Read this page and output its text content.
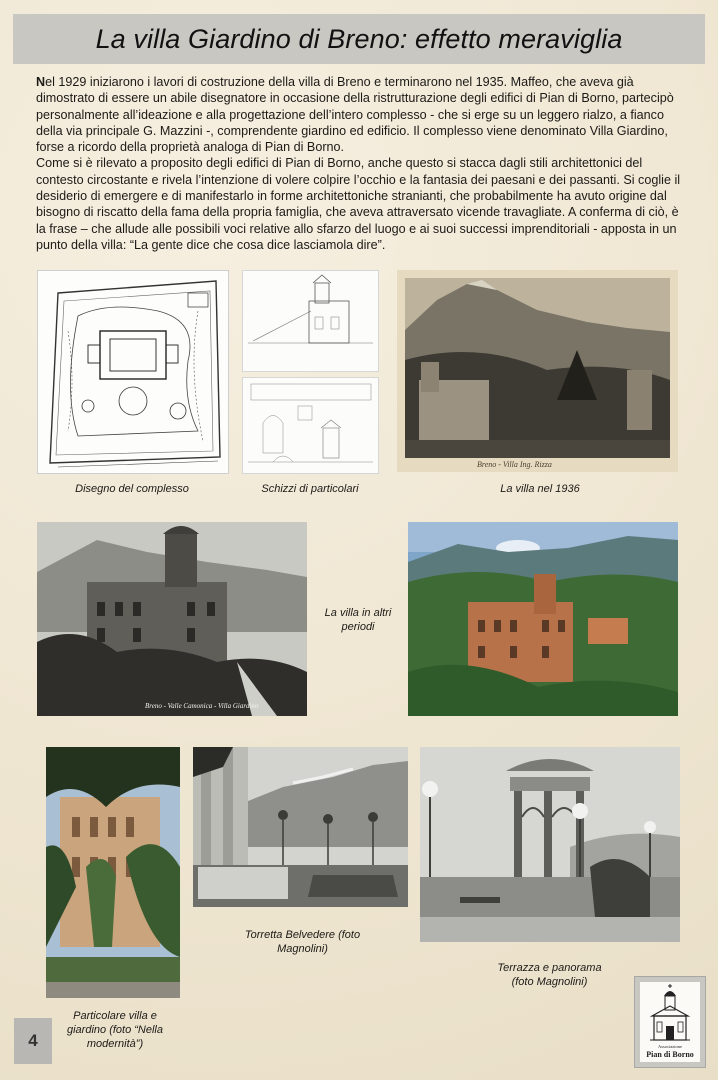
La villa Giardino di Breno: effetto meraviglia

Nel 1929 iniziarono i lavori di costruzione della villa di Breno e terminarono nel 1935. Maffeo, che aveva già dimostrato di essere un abile disegnatore in occasione della ristrutturazione degli edifici di Pian di Borno, partecipò personalmente all’ideazione e alla progettazione dell’intero complesso - che si erge su un leggero rialzo, a fianco della via principale G. Mazzini -, comprendente giardino ed edificio. Il complesso viene denominato Villa Giardino, forse a ricordo della proprietà analoga di Pian di Borno.

Come si è rilevato a proposito degli edifici di Pian di Borno, anche questo si stacca dagli stili architettonici del contesto circostante e rivela l’intenzione di volere colpire l’occhio e la fantasia dei paesani e dei passanti. Si coglie il desiderio di emergere e di manifestarlo in forme architettoniche stranianti, che probabilmente ha avuto origine dal bisogno di riscatto della fama della propria famiglia, che aveva attraversato vicende travagliate. A conferma di ciò, è la frase – che allude alle possibili voci relative allo sfarzo del luogo e ai suoi successi imprenditoriali - apposta in un punto della villa: “La gente dice che cosa dice lasciamola dire”.

Breno - Villa Ing. Rizza
Disegno del complesso	Schizzi di particolari	La villa nel 1936
Breno - Valle Camonica - Villa Giardino
La villa in altri periodi
Torretta Belvedere (foto Magnolini)
Terrazza e panorama (foto Magnolini)
Particolare villa e giardino (foto “Nella modernità”)
4	Associazione
Pian di Borno
